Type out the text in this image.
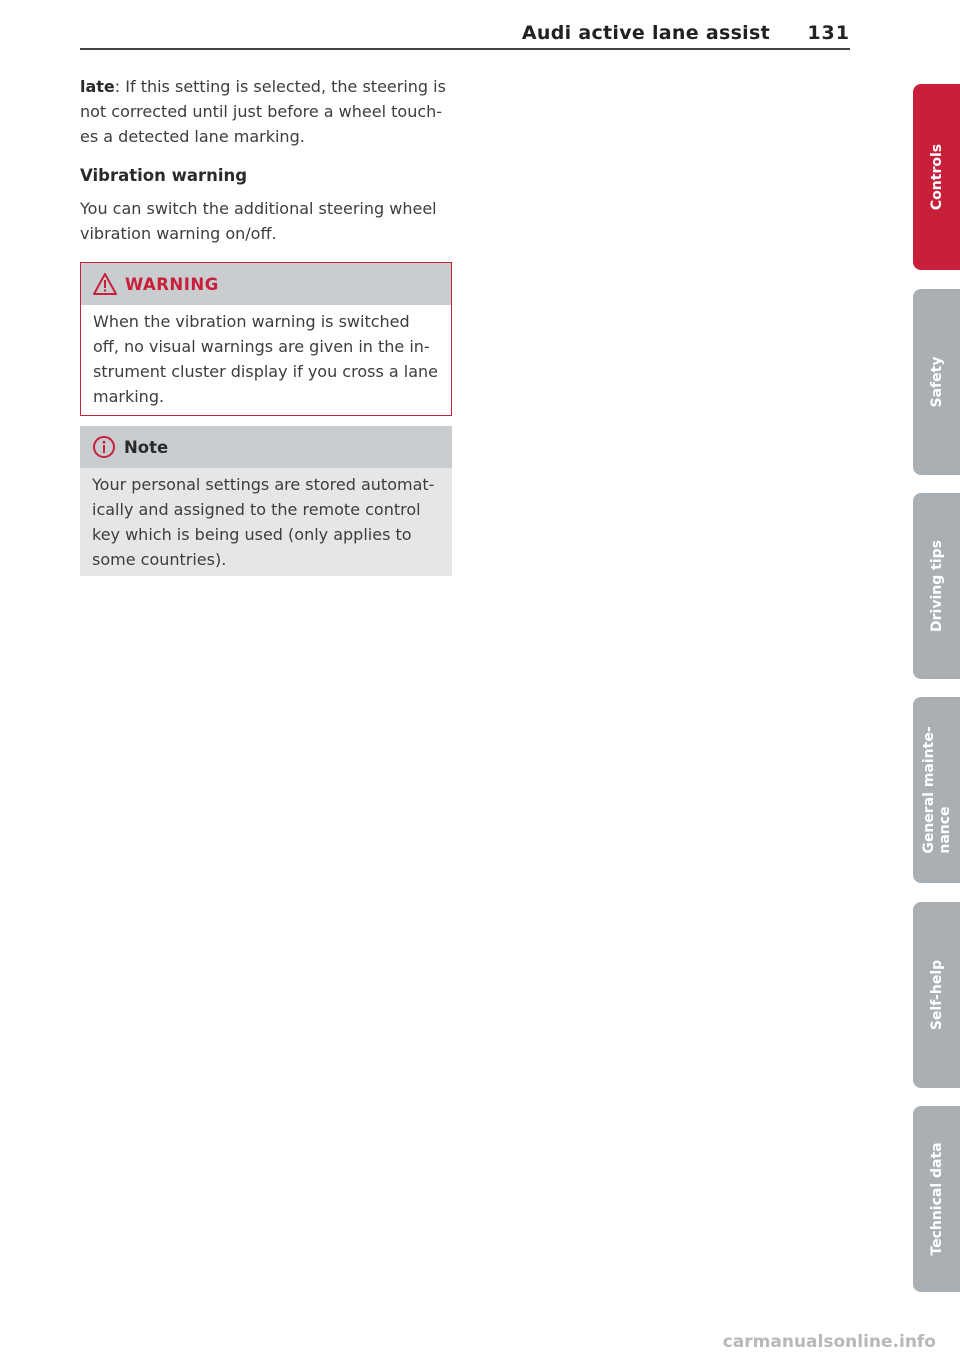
Audi active lane assist 131

late: If this setting is selected, the steering is not corrected until just before a wheel touch- es a detected lane marking.

Vibration warning

You can switch the additional steering wheel vibration warning on/off.

WARNING
When the vibration warning is switched off, no visual warnings are given in the in- strument cluster display if you cross a lane marking.
Note
Your personal settings are stored automat- ically and assigned to the remote control key which is being used (only applies to some countries).
Controls
Safety
Driving tips
General mainte- nance
Self-help
Technical data
carmanualsonline.info
